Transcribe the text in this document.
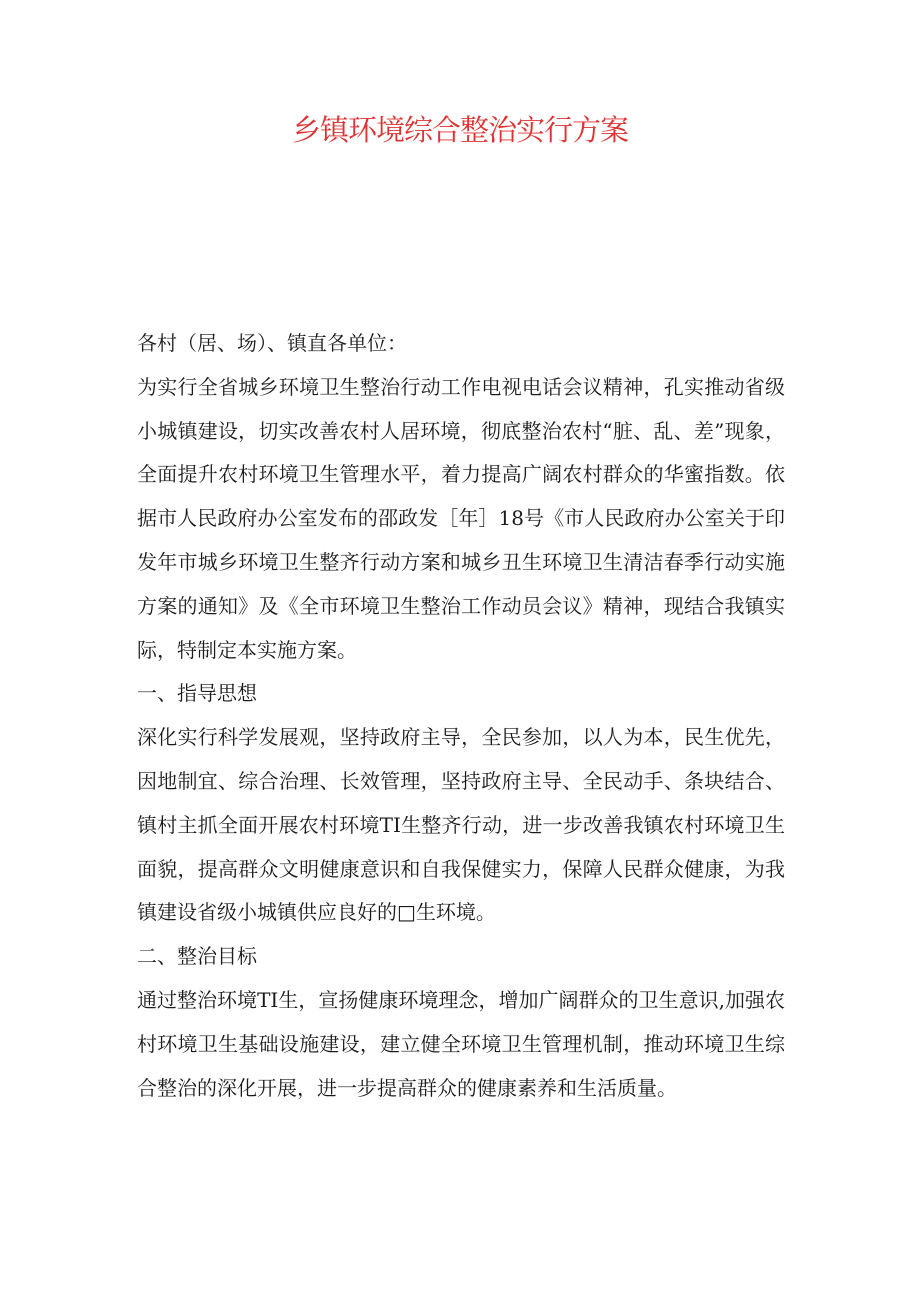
乡镇环境综合整治实行方案
各村（居、场）、镇直各单位：
为实行全省城乡环境卫生整治行动工作电视电话会议精神，孔实推动省级
小城镇建设，切实改善农村人居环境，彻底整治农村“脏、乱、差”现象，
全面提升农村环境卫生管理水平，着力提高广阔农村群众的华蜜指数。依
据市人民政府办公室发布的邵政发［年］18号《市人民政府办公室关于印
发年市城乡环境卫生整齐行动方案和城乡丑生环境卫生清洁春季行动实施
方案的通知》及《全市环境卫生整治工作动员会议》精神，现结合我镇实
际，特制定本实施方案。
一、指导思想
深化实行科学发展观，坚持政府主导，全民参加，以人为本，民生优先，
因地制宜、综合治理、长效管理，坚持政府主导、全民动手、条块结合、
镇村主抓全面开展农村环境TI生整齐行动，进一步改善我镇农村环境卫生
面貌，提高群众文明健康意识和自我保健实力，保障人民群众健康，为我
镇建设省级小城镇供应良好的□生环境。
二、整治目标
通过整治环境TI生，宣扬健康环境理念，增加广阔群众的卫生意识,加强农
村环境卫生基础设施建设，建立健全环境卫生管理机制，推动环境卫生综
合整治的深化开展，进一步提高群众的健康素养和生活质量。
